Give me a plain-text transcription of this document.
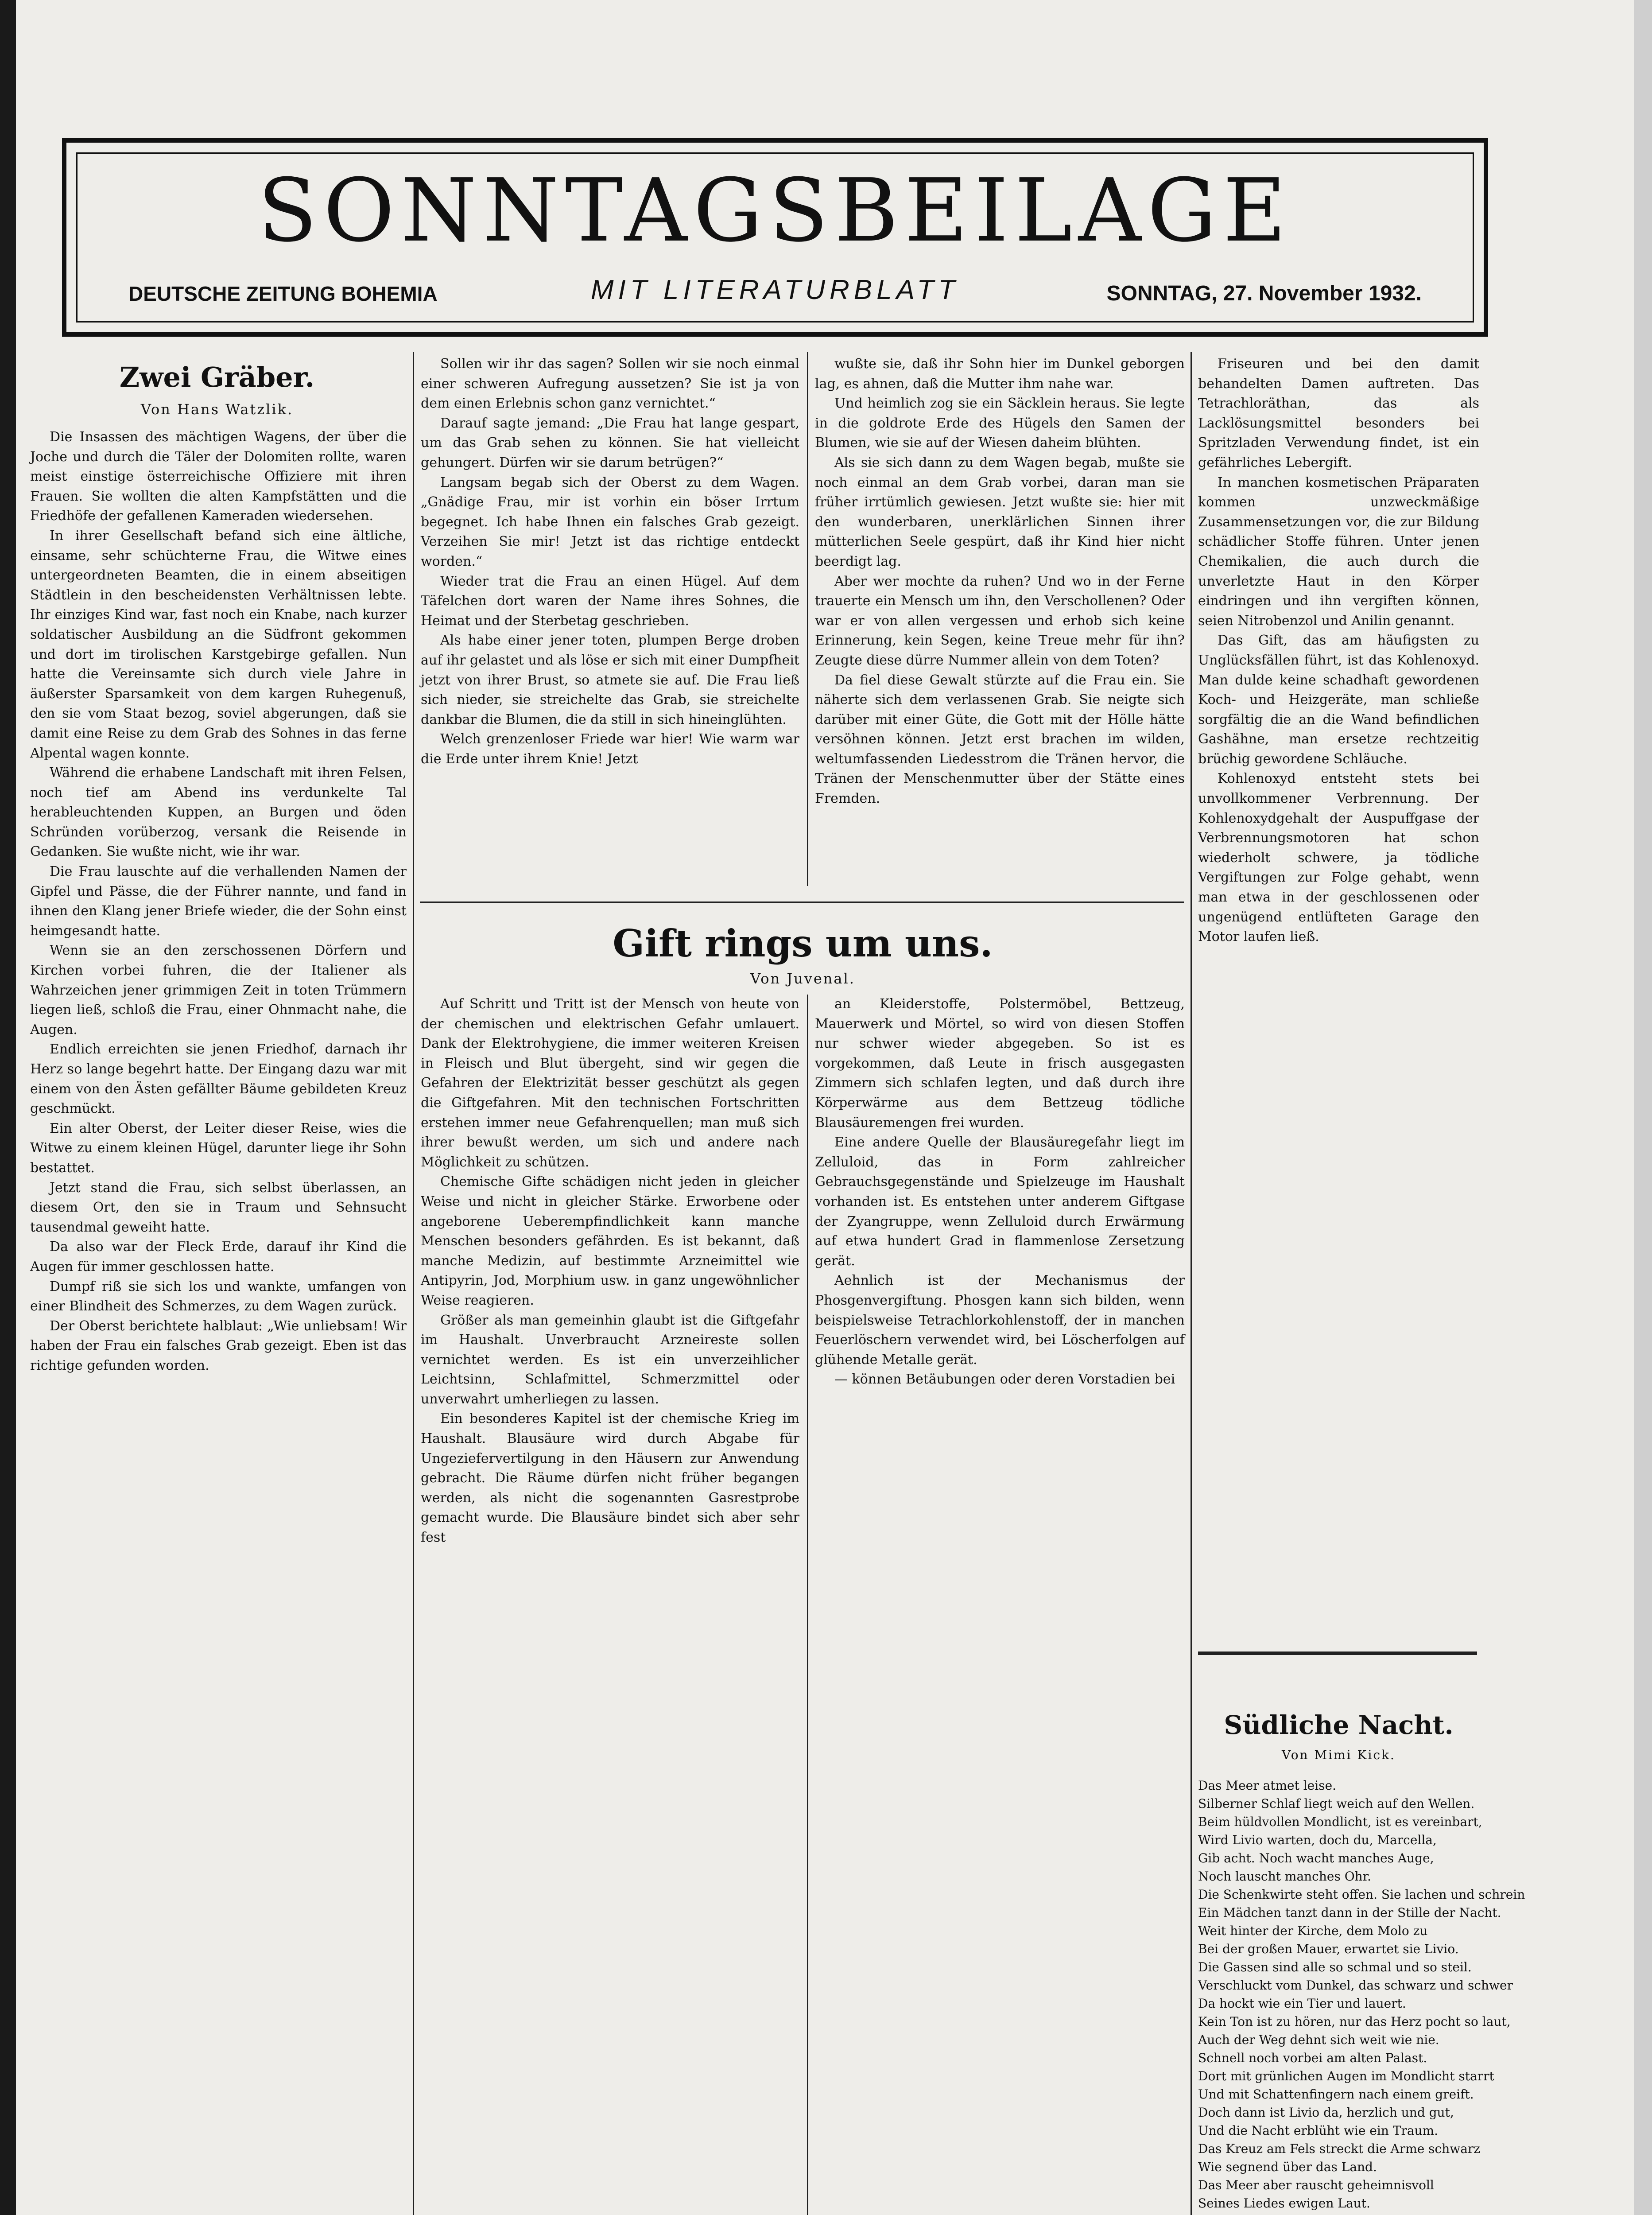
SONNTAGSBEILAGE
DEUTSCHE ZEITUNG BOHEMIA	MIT LITERATURBLATT	SONNTAG, 27. November 1932.
Zwei Gräber.
Von Hans Watzlik.

Die Insassen des mächtigen Wagens, der über die Joche und durch die Täler der Dolomiten rollte, waren meist einstige österreichische Offiziere mit ihren Frauen. Sie wollten die alten Kampfstätten und die Friedhöfe der gefallenen Kameraden wiedersehen.

In ihrer Gesellschaft befand sich eine ältliche, einsame, sehr schüchterne Frau, die Witwe eines untergeordneten Beamten, die in einem abseitigen Städtlein in den bescheidensten Verhältnissen lebte. Ihr einziges Kind war, fast noch ein Knabe, nach kurzer soldatischer Ausbildung an die Südfront gekommen und dort im tirolischen Karstgebirge gefallen. Nun hatte die Vereinsamte sich durch viele Jahre in äußerster Sparsamkeit von dem kargen Ruhegenuß, den sie vom Staat bezog, soviel abgerungen, daß sie damit eine Reise zu dem Grab des Sohnes in das ferne Alpental wagen konnte.

Während die erhabene Landschaft mit ihren Felsen, noch tief am Abend ins verdunkelte Tal herableuchtenden Kuppen, an Burgen und öden Schründen vorüberzog, versank die Reisende in Gedanken. Sie wußte nicht, wie ihr war.

Die Frau lauschte auf die verhallenden Namen der Gipfel und Pässe, die der Führer nannte, und fand in ihnen den Klang jener Briefe wieder, die der Sohn einst heimgesandt hatte.

Wenn sie an den zerschossenen Dörfern und Kirchen vorbei fuhren, die der Italiener als Wahrzeichen jener grimmigen Zeit in toten Trümmern liegen ließ, schloß die Frau, einer Ohnmacht nahe, die Augen.

Endlich erreichten sie jenen Friedhof, darnach ihr Herz so lange begehrt hatte. Der Eingang dazu war mit einem von den Ästen gefällter Bäume gebildeten Kreuz geschmückt.

Ein alter Oberst, der Leiter dieser Reise, wies die Witwe zu einem kleinen Hügel, darunter liege ihr Sohn bestattet.

Jetzt stand die Frau, sich selbst überlassen, an diesem Ort, den sie in Traum und Sehnsucht tausendmal geweiht hatte.

Da also war der Fleck Erde, darauf ihr Kind die Augen für immer geschlossen hatte.

Dumpf riß sie sich los und wankte, umfangen von einer Blindheit des Schmerzes, zu dem Wagen zurück.

Der Oberst berichtete halblaut: „Wie unliebsam! Wir haben der Frau ein falsches Grab gezeigt. Eben ist das richtige gefunden worden.

Sollen wir ihr das sagen? Sollen wir sie noch einmal einer schweren Aufregung aussetzen? Sie ist ja von dem einen Erlebnis schon ganz vernichtet.“

Darauf sagte jemand: „Die Frau hat lange gespart, um das Grab sehen zu können. Sie hat vielleicht gehungert. Dürfen wir sie darum betrügen?“

Langsam begab sich der Oberst zu dem Wagen. „Gnädige Frau, mir ist vorhin ein böser Irrtum begegnet. Ich habe Ihnen ein falsches Grab gezeigt. Verzeihen Sie mir! Jetzt ist das richtige entdeckt worden.“

Wieder trat die Frau an einen Hügel. Auf dem Täfelchen dort waren der Name ihres Sohnes, die Heimat und der Sterbetag geschrieben.

Als habe einer jener toten, plumpen Berge droben auf ihr gelastet und als löse er sich mit einer Dumpfheit jetzt von ihrer Brust, so atmete sie auf. Die Frau ließ sich nieder, sie streichelte das Grab, sie streichelte dankbar die Blumen, die da still in sich hineinglühten.

Welch grenzenloser Friede war hier! Wie warm war die Erde unter ihrem Knie! Jetzt

wußte sie, daß ihr Sohn hier im Dunkel geborgen lag, es ahnen, daß die Mutter ihm nahe war.

Und heimlich zog sie ein Säcklein heraus. Sie legte in die goldrote Erde des Hügels den Samen der Blumen, wie sie auf der Wiesen daheim blühten.

Als sie sich dann zu dem Wagen begab, mußte sie noch einmal an dem Grab vorbei, daran man sie früher irrtümlich gewiesen. Jetzt wußte sie: hier mit den wunderbaren, unerklärlichen Sinnen ihrer mütterlichen Seele gespürt, daß ihr Kind hier nicht beerdigt lag.

Aber wer mochte da ruhen? Und wo in der Ferne trauerte ein Mensch um ihn, den Verschollenen? Oder war er von allen vergessen und erhob sich keine Erinnerung, kein Segen, keine Treue mehr für ihn? Zeugte diese dürre Nummer allein von dem Toten?

Da fiel diese Gewalt stürzte auf die Frau ein. Sie näherte sich dem verlassenen Grab. Sie neigte sich darüber mit einer Güte, die Gott mit der Hölle hätte versöhnen können. Jetzt erst brachen im wilden, weltumfassenden Liedesstrom die Tränen hervor, die Tränen der Menschenmutter über der Stätte eines Fremden.

Gift rings um uns.
Von Juvenal.

Auf Schritt und Tritt ist der Mensch von heute von der chemischen und elektrischen Gefahr umlauert. Dank der Elektrohygiene, die immer weiteren Kreisen in Fleisch und Blut übergeht, sind wir gegen die Gefahren der Elektrizität besser geschützt als gegen die Giftgefahren. Mit den technischen Fortschritten erstehen immer neue Gefahrenquellen; man muß sich ihrer bewußt werden, um sich und andere nach Möglichkeit zu schützen.

Chemische Gifte schädigen nicht jeden in gleicher Weise und nicht in gleicher Stärke. Erworbene oder angeborene Ueberempfindlichkeit kann manche Menschen besonders gefährden. Es ist bekannt, daß manche Medizin, auf bestimmte Arzneimittel wie Antipyrin, Jod, Morphium usw. in ganz ungewöhnlicher Weise reagieren.

Größer als man gemeinhin glaubt ist die Giftgefahr im Haushalt. Unverbraucht Arzneireste sollen vernichtet werden. Es ist ein unverzeihlicher Leichtsinn, Schlafmittel, Schmerzmittel oder unverwahrt umherliegen zu lassen.

Ein besonderes Kapitel ist der chemische Krieg im Haushalt. Blausäure wird durch Abgabe für Ungeziefervertilgung in den Häusern zur Anwendung gebracht. Die Räume dürfen nicht früher begangen werden, als nicht die sogenannten Gasrestprobe gemacht wurde. Die Blausäure bindet sich aber sehr fest

an Kleiderstoffe, Polstermöbel, Bettzeug, Mauerwerk und Mörtel, so wird von diesen Stoffen nur schwer wieder abgegeben. So ist es vorgekommen, daß Leute in frisch ausgegasten Zimmern sich schlafen legten, und daß durch ihre Körperwärme aus dem Bettzeug tödliche Blausäuremengen frei wurden.

Eine andere Quelle der Blausäuregefahr liegt im Zelluloid, das in Form zahlreicher Gebrauchsgegenstände und Spielzeuge im Haushalt vorhanden ist. Es entstehen unter anderem Giftgase der Zyangruppe, wenn Zelluloid durch Erwärmung auf etwa hundert Grad in flammenlose Zersetzung gerät.

Aehnlich ist der Mechanismus der Phosgenvergiftung. Phosgen kann sich bilden, wenn beispielsweise Tetrachlorkohlenstoff, der in manchen Feuerlöschern verwendet wird, bei Löscherfolgen auf glühende Metalle gerät.

— können Betäubungen oder deren Vorstadien bei

Friseuren und bei den damit behandelten Damen auftreten. Das Tetrachloräthan, das als Lacklösungsmittel besonders bei Spritzladen Verwendung findet, ist ein gefährliches Lebergift.

In manchen kosmetischen Präparaten kommen unzweckmäßige Zusammensetzungen vor, die zur Bildung schädlicher Stoffe führen. Unter jenen Chemikalien, die auch durch die unverletzte Haut in den Körper eindringen und ihn vergiften können, seien Nitrobenzol und Anilin genannt.

Das Gift, das am häufigsten zu Unglücksfällen führt, ist das Kohlenoxyd. Man dulde keine schadhaft gewordenen Koch- und Heizgeräte, man schließe sorgfältig die an die Wand befindlichen Gashähne, man ersetze rechtzeitig brüchig gewordene Schläuche.

Kohlenoxyd entsteht stets bei unvollkommener Verbrennung. Der Kohlenoxydgehalt der Auspuffgase der Verbrennungsmotoren hat schon wiederholt schwere, ja tödliche Vergiftungen zur Folge gehabt, wenn man etwa in der geschlossenen oder ungenügend entlüfteten Garage den Motor laufen ließ.

Südliche Nacht.
Von Mimi Kick.
Das Meer atmet leise.
Silberner Schlaf liegt weich auf den Wellen.
Beim hüldvollen Mondlicht, ist es vereinbart,
Wird Livio warten, doch du, Marcella,
Gib acht. Noch wacht manches Auge,
Noch lauscht manches Ohr.
Die Schenkwirte steht offen. Sie lachen und schrein
Ein Mädchen tanzt dann in der Stille der Nacht.
Weit hinter der Kirche, dem Molo zu
Bei der großen Mauer, erwartet sie Livio.
Die Gassen sind alle so schmal und so steil.
Verschluckt vom Dunkel, das schwarz und schwer
Da hockt wie ein Tier und lauert.
Kein Ton ist zu hören, nur das Herz pocht so laut,
Auch der Weg dehnt sich weit wie nie.
Schnell noch vorbei am alten Palast.
Dort mit grünlichen Augen im Mondlicht starrt
Und mit Schattenfingern nach einem greift.
Doch dann ist Livio da, herzlich und gut,
Und die Nacht erblüht wie ein Traum.
Das Kreuz am Fels streckt die Arme schwarz
Wie segnend über das Land.
Das Meer aber rauscht geheimnisvoll
Seines Liedes ewigen Laut.
